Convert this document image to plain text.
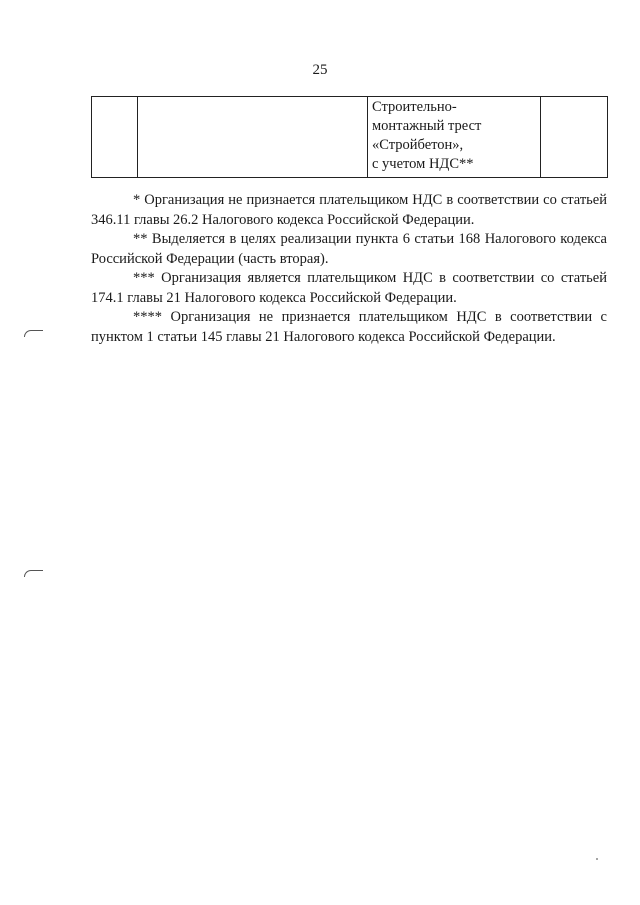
25

Строительно-
монтажный трест
«Стройбетон»,
с учетом НДС**

* Организация не признается плательщиком НДС в соответствии со статьей 346.11 главы 26.2 Налогового кодекса Российской Федерации.

** Выделяется в целях реализации пункта 6 статьи 168 Налогового кодекса Российской Федерации (часть вторая).

*** Организация является плательщиком НДС в соответствии со статьей 174.1 главы 21 Налогового кодекса Российской Федерации.

**** Организация не признается плательщиком НДС в соответствии с пунктом 1 статьи 145 главы 21 Налогового кодекса Российской Федерации.
